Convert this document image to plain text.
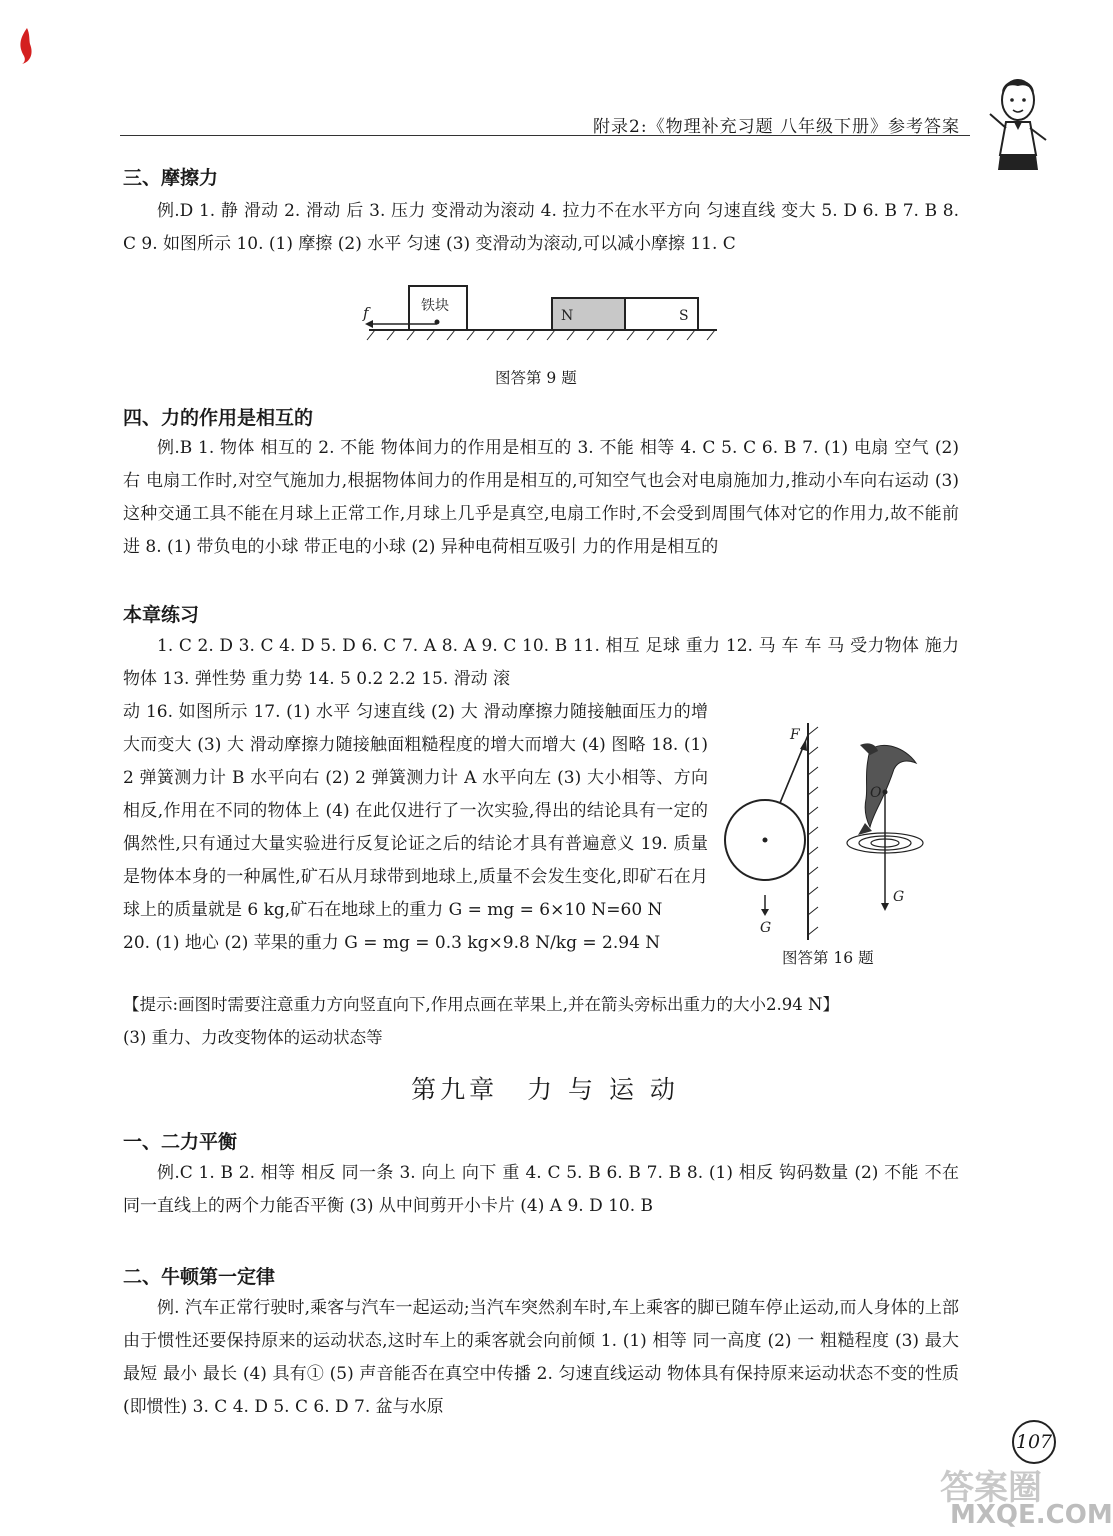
附录2:《物理补充习题 八年级下册》参考答案
三、摩擦力

例.D 1. 静 滑动 2. 滑动 后 3. 压力 变滑动为滚动 4. 拉力不在水平方向 匀速直线 变大 5. D 6. B 7. B 8. C 9. 如图所示 10. (1) 摩擦 (2) 水平 匀速 (3) 变滑动为滚动,可以减小摩擦 11. C

铁块
f	N	S
图答第 9 题
四、力的作用是相互的

例.B 1. 物体 相互的 2. 不能 物体间力的作用是相互的 3. 不能 相等 4. C 5. C 6. B 7. (1) 电扇 空气 (2) 右 电扇工作时,对空气施加力,根据物体间力的作用是相互的,可知空气也会对电扇施加力,推动小车向右运动 (3) 这种交通工具不能在月球上正常工作,月球上几乎是真空,电扇工作时,不会受到周围气体对它的作用力,故不能前进 8. (1) 带负电的小球 带正电的小球 (2) 异种电荷相互吸引 力的作用是相互的

本章练习

1. C 2. D 3. C 4. D 5. D 6. C 7. A 8. A 9. C 10. B 11. 相互 足球 重力 12. 马 车 车 马 受力物体 施力物体 13. 弹性势 重力势 14. 5 0.2 2.2 15. 滑动 滚

动 16. 如图所示 17. (1) 水平 匀速直线 (2) 大 滑动摩擦力随接触面压力的增大而变大 (3) 大 滑动摩擦力随接触面粗糙程度的增大而增大 (4) 图略 18. (1) 2 弹簧测力计 B 水平向右 (2) 2 弹簧测力计 A 水平向左 (3) 大小相等、方向相反,作用在不同的物体上 (4) 在此仅进行了一次实验,得出的结论具有一定的偶然性,只有通过大量实验进行反复论证之后的结论才具有普遍意义 19. 质量是物体本身的一种属性,矿石从月球带到地球上,质量不会发生变化,即矿石在月球上的质量就是 6 kg,矿石在地球上的重力 G = mg = 6×10 N=60 N

20. (1) 地心 (2) 苹果的重力 G = mg = 0.3 kg×9.8 N/kg = 2.94 N

【提示:画图时需要注意重力方向竖直向下,作用点画在苹果上,并在箭头旁标出重力的大小2.94 N】

(3) 重力、力改变物体的运动状态等

F
G
O
G
图答第 16 题
第九章　力 与 运 动
一、二力平衡

例.C 1. B 2. 相等 相反 同一条 3. 向上 向下 重 4. C 5. B 6. B 7. B 8. (1) 相反 钩码数量 (2) 不能 不在同一直线上的两个力能否平衡 (3) 从中间剪开小卡片 (4) A 9. D 10. B

二、牛顿第一定律

例. 汽车正常行驶时,乘客与汽车一起运动;当汽车突然刹车时,车上乘客的脚已随车停止运动,而人身体的上部由于惯性还要保持原来的运动状态,这时车上的乘客就会向前倾 1. (1) 相等 同一高度 (2) 一 粗糙程度 (3) 最大 最短 最小 最长 (4) 具有① (5) 声音能否在真空中传播 2. 匀速直线运动 物体具有保持原来运动状态不变的性质(即惯性) 3. C 4. D 5. C 6. D 7. 盆与水原

107
答案圈
MXQE.COM
